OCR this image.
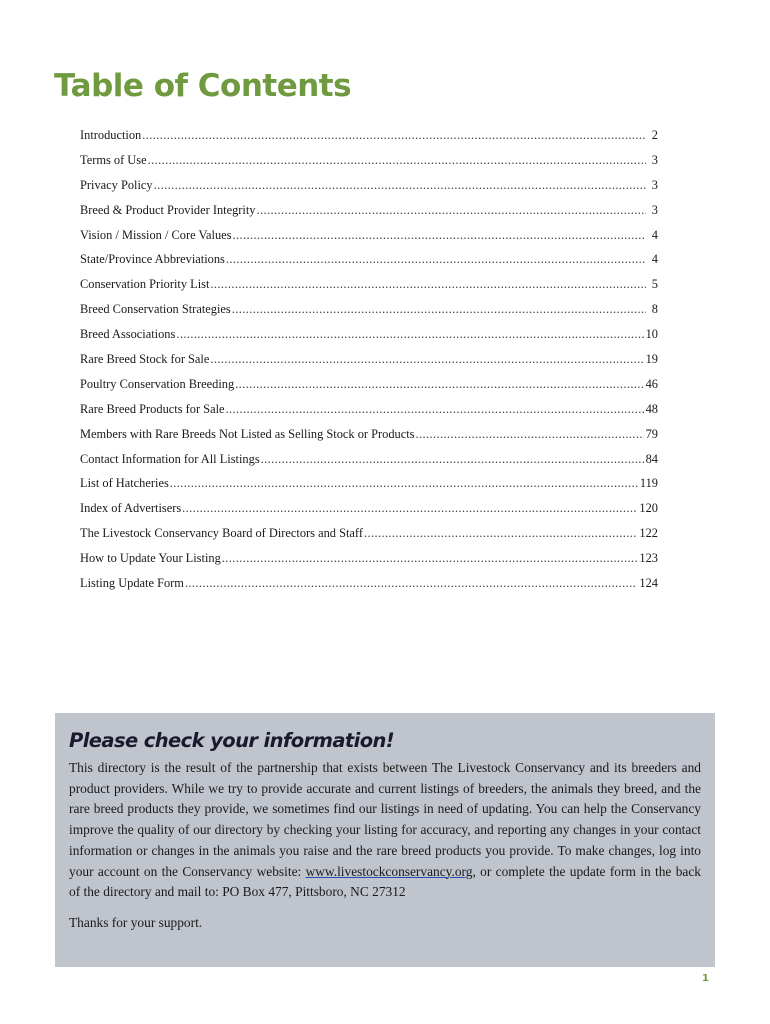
Table of Contents
Introduction .....	2
Terms of Use .....	3
Privacy Policy .....	3
Breed & Product Provider Integrity .....	3
Vision / Mission / Core Values .....	4
State/Province Abbreviations .....	4
Conservation Priority List .....	5
Breed Conservation Strategies .....	8
Breed Associations .....	10
Rare Breed Stock for Sale .....	19
Poultry Conservation Breeding .....	46
Rare Breed Products for Sale .....	48
Members with Rare Breeds Not Listed as Selling Stock or Products .....	79
Contact Information for All Listings .....	84
List of Hatcheries .....	119
Index of Advertisers .....	120
The Livestock Conservancy Board of Directors and Staff .....	122
How to Update Your Listing .....	123
Listing Update Form .....	124
Please check your information!

This directory is the result of the partnership that exists between The Livestock Conservancy and its breeders and product providers. While we try to provide accurate and current listings of breeders, the animals they breed, and the rare breed products they provide, we sometimes find our listings in need of updating. You can help the Conservancy improve the quality of our directory by checking your listing for accuracy, and reporting any changes in your contact information or changes in the animals you raise and the rare breed products you provide. To make changes, log into your account on the Conservancy website: www.livestockconservancy.org, or complete the update form in the back of the directory and mail to: PO Box 477, Pittsboro, NC 27312

Thanks for your support.

1
